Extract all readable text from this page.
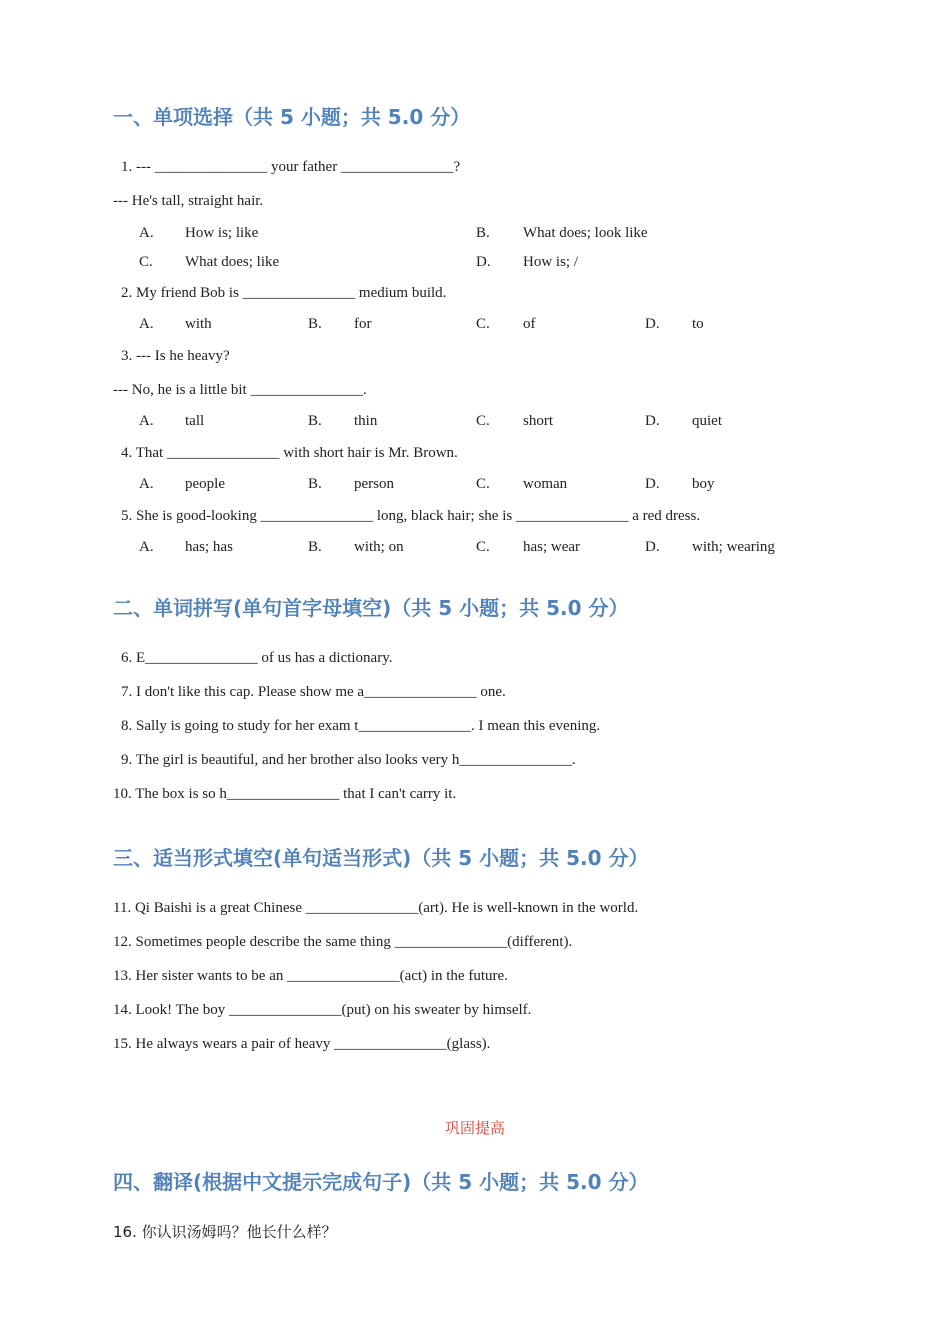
一、单项选择（共 5 小题；共 5.0 分）
1. --- _______________ your father _______________?
--- He's tall, straight hair.
A. How is; like	B. What does; look like
C. What does; like	D. How is; /
2. My friend Bob is _______________ medium build.
A. with	B. for	C. of	D. to
3. --- Is he heavy?
--- No, he is a little bit _______________.
A. tall	B. thin	C. short	D. quiet
4. That _______________ with short hair is Mr. Brown.
A. people	B. person	C. woman	D. boy
5. She is good-looking _______________ long, black hair; she is _______________ a red dress.
A. has; has	B. with; on	C. has; wear	D. with; wearing
二、单词拼写(单句首字母填空)（共 5 小题；共 5.0 分）
6. E_______________ of us has a dictionary.
7. I don't like this cap. Please show me a_______________ one.
8. Sally is going to study for her exam t_______________. I mean this evening.
9. The girl is beautiful, and her brother also looks very h_______________.
10. The box is so h_______________ that I can't carry it.
三、适当形式填空(单句适当形式)（共 5 小题；共 5.0 分）
11. Qi Baishi is a great Chinese _______________(art). He is well-known in the world.
12. Sometimes people describe the same thing _______________(different).
13. Her sister wants to be an _______________(act) in the future.
14. Look! The boy _______________(put) on his sweater by himself.
15. He always wears a pair of heavy _______________(glass).
巩固提高
四、翻译(根据中文提示完成句子)（共 5 小题；共 5.0 分）
16. 你认识汤姆吗？他长什么样？
